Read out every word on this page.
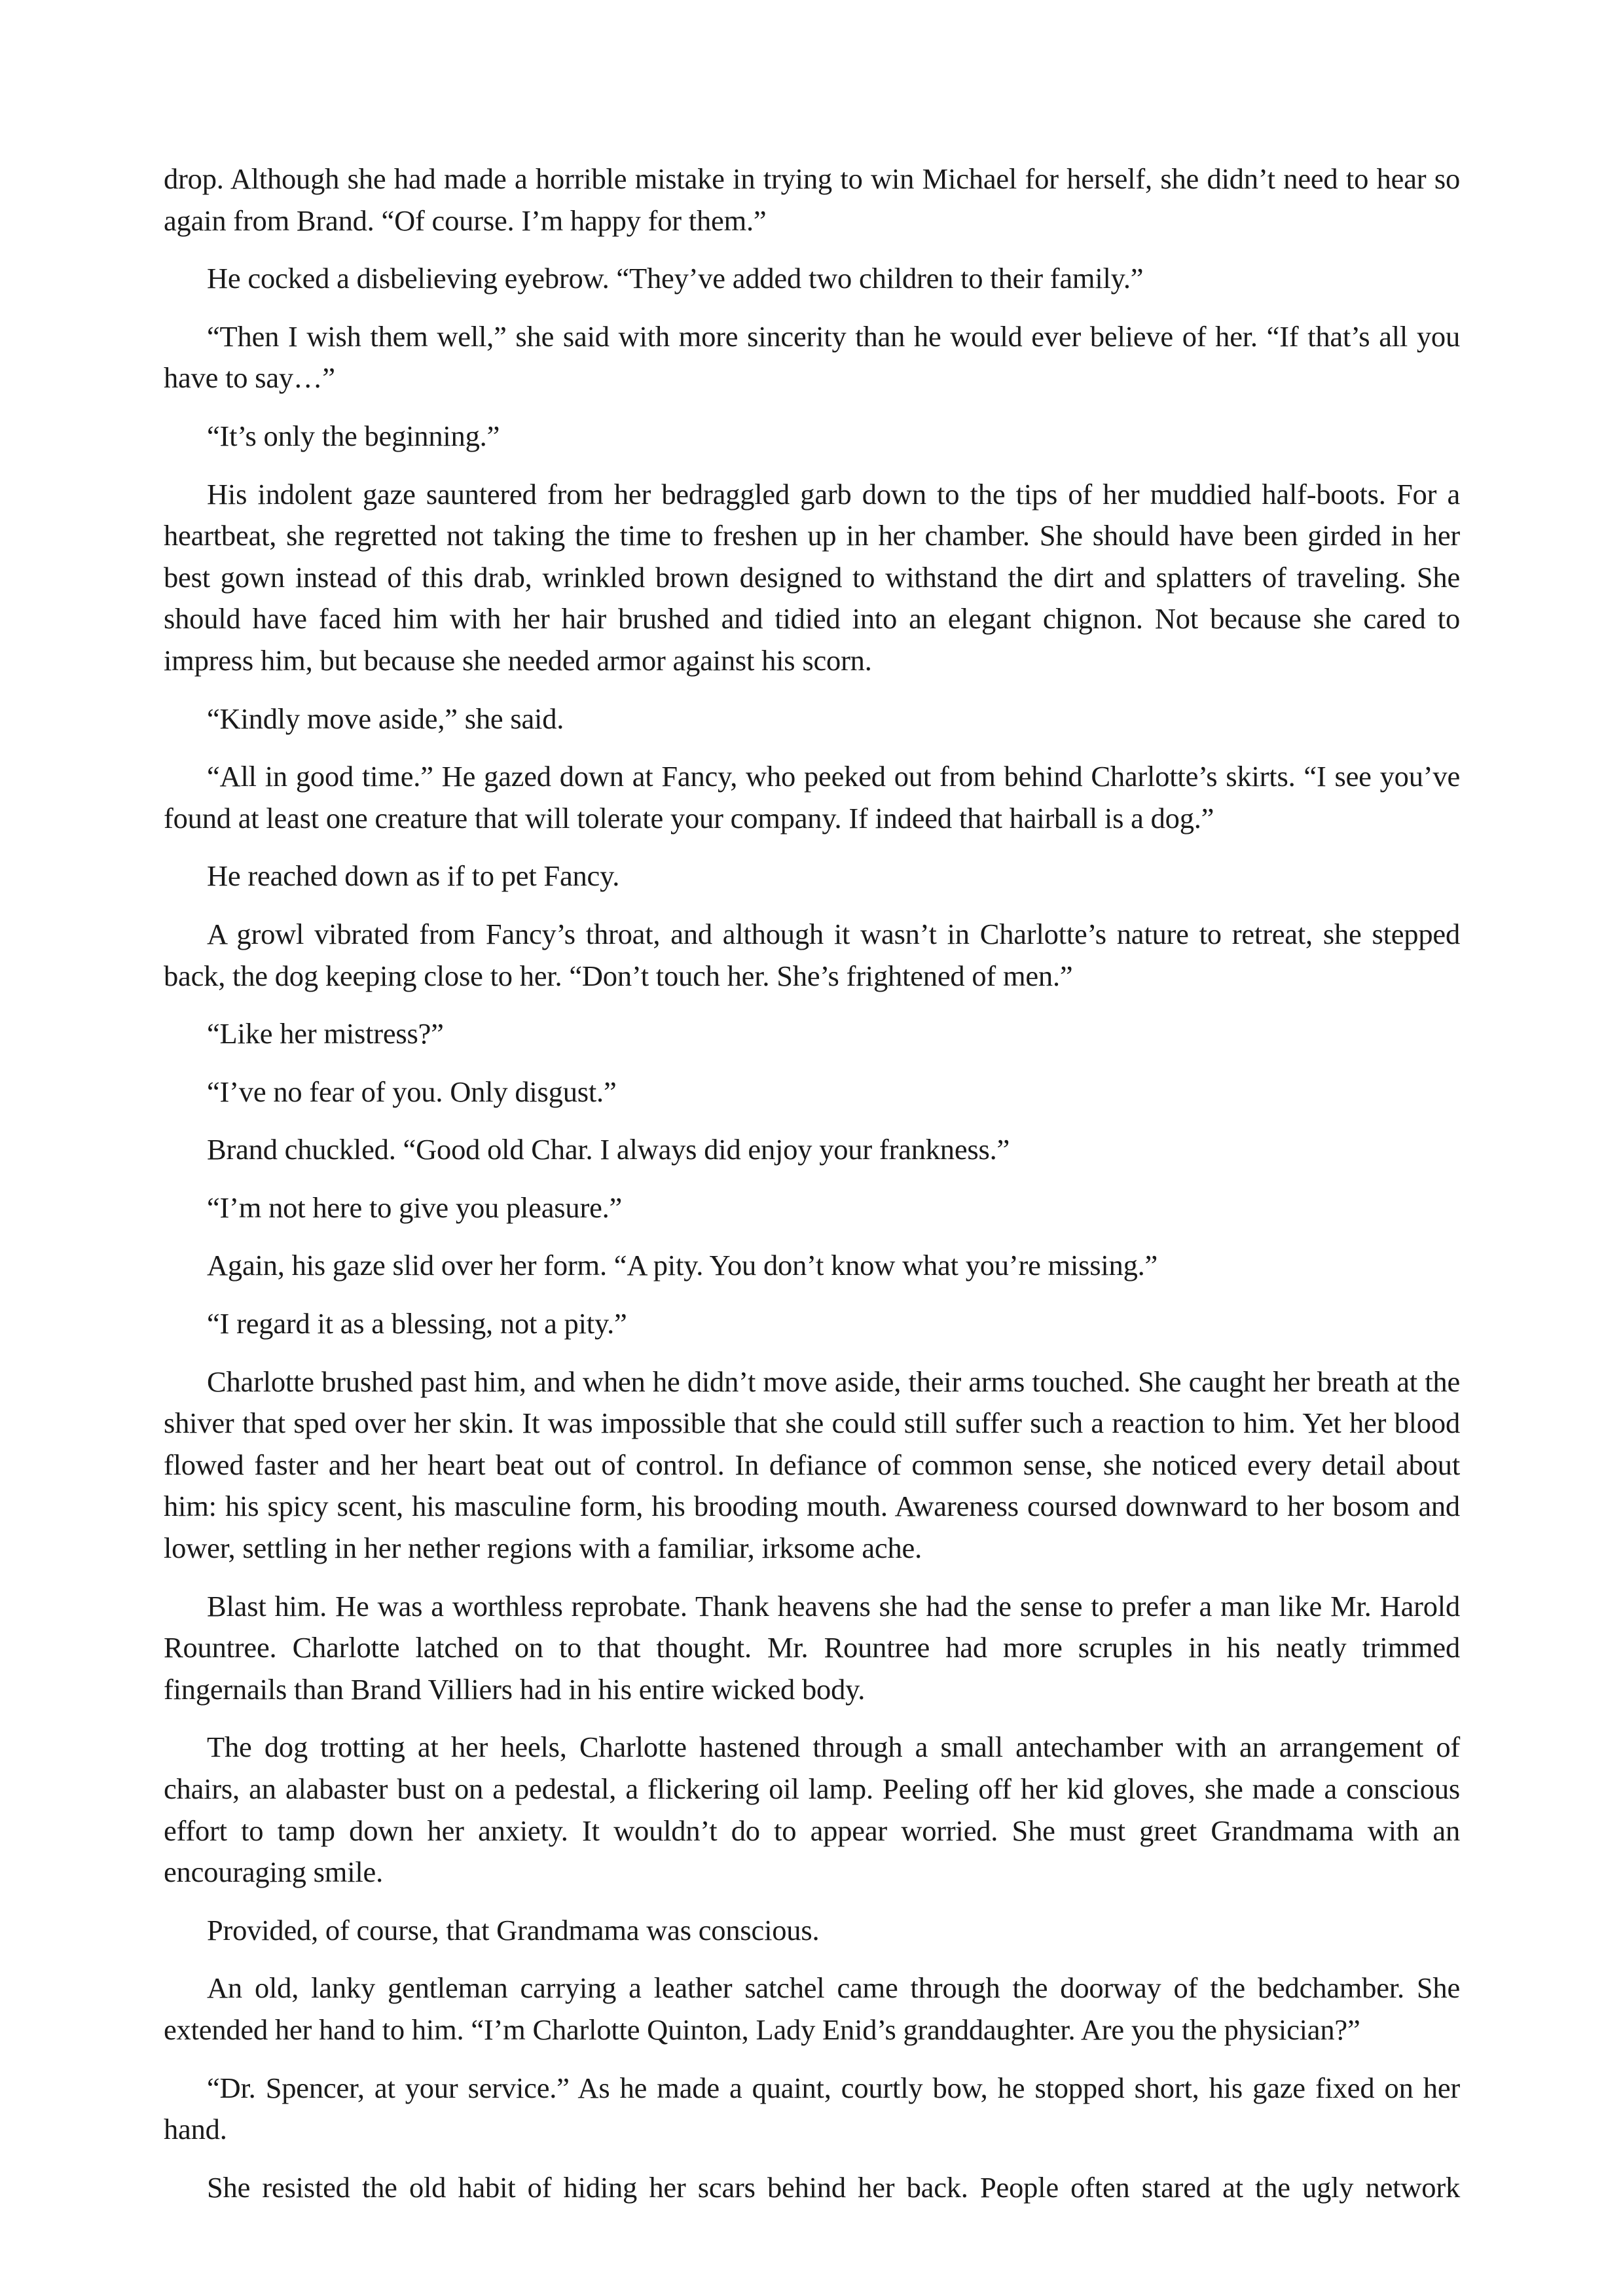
drop. Although she had made a horrible mistake in trying to win Michael for herself, she didn’t need to hear so again from Brand. “Of course. I’m happy for them.”

He cocked a disbelieving eyebrow. “They’ve added two children to their family.”

“Then I wish them well,” she said with more sincerity than he would ever believe of her. “If that’s all you have to say…”

“It’s only the beginning.”

His indolent gaze sauntered from her bedraggled garb down to the tips of her muddied half-boots. For a heartbeat, she regretted not taking the time to freshen up in her chamber. She should have been girded in her best gown instead of this drab, wrinkled brown designed to withstand the dirt and splatters of traveling. She should have faced him with her hair brushed and tidied into an elegant chignon. Not because she cared to impress him, but because she needed armor against his scorn.

“Kindly move aside,” she said.

“All in good time.” He gazed down at Fancy, who peeked out from behind Charlotte’s skirts. “I see you’ve found at least one creature that will tolerate your company. If indeed that hairball is a dog.”

He reached down as if to pet Fancy.

A growl vibrated from Fancy’s throat, and although it wasn’t in Charlotte’s nature to retreat, she stepped back, the dog keeping close to her. “Don’t touch her. She’s frightened of men.”

“Like her mistress?”

“I’ve no fear of you. Only disgust.”

Brand chuckled. “Good old Char. I always did enjoy your frankness.”

“I’m not here to give you pleasure.”

Again, his gaze slid over her form. “A pity. You don’t know what you’re missing.”

“I regard it as a blessing, not a pity.”

Charlotte brushed past him, and when he didn’t move aside, their arms touched. She caught her breath at the shiver that sped over her skin. It was impossible that she could still suffer such a reaction to him. Yet her blood flowed faster and her heart beat out of control. In defiance of common sense, she noticed every detail about him: his spicy scent, his masculine form, his brooding mouth. Awareness coursed downward to her bosom and lower, settling in her nether regions with a familiar, irksome ache.

Blast him. He was a worthless reprobate. Thank heavens she had the sense to prefer a man like Mr. Harold Rountree. Charlotte latched on to that thought. Mr. Rountree had more scruples in his neatly trimmed fingernails than Brand Villiers had in his entire wicked body.

The dog trotting at her heels, Charlotte hastened through a small antechamber with an arrangement of chairs, an alabaster bust on a pedestal, a flickering oil lamp. Peeling off her kid gloves, she made a conscious effort to tamp down her anxiety. It wouldn’t do to appear worried. She must greet Grandmama with an encouraging smile.

Provided, of course, that Grandmama was conscious.

An old, lanky gentleman carrying a leather satchel came through the doorway of the bedchamber. She extended her hand to him. “I’m Charlotte Quinton, Lady Enid’s granddaughter. Are you the physician?”

“Dr. Spencer, at your service.” As he made a quaint, courtly bow, he stopped short, his gaze fixed on her hand.

She resisted the old habit of hiding her scars behind her back. People often stared at the ugly network
